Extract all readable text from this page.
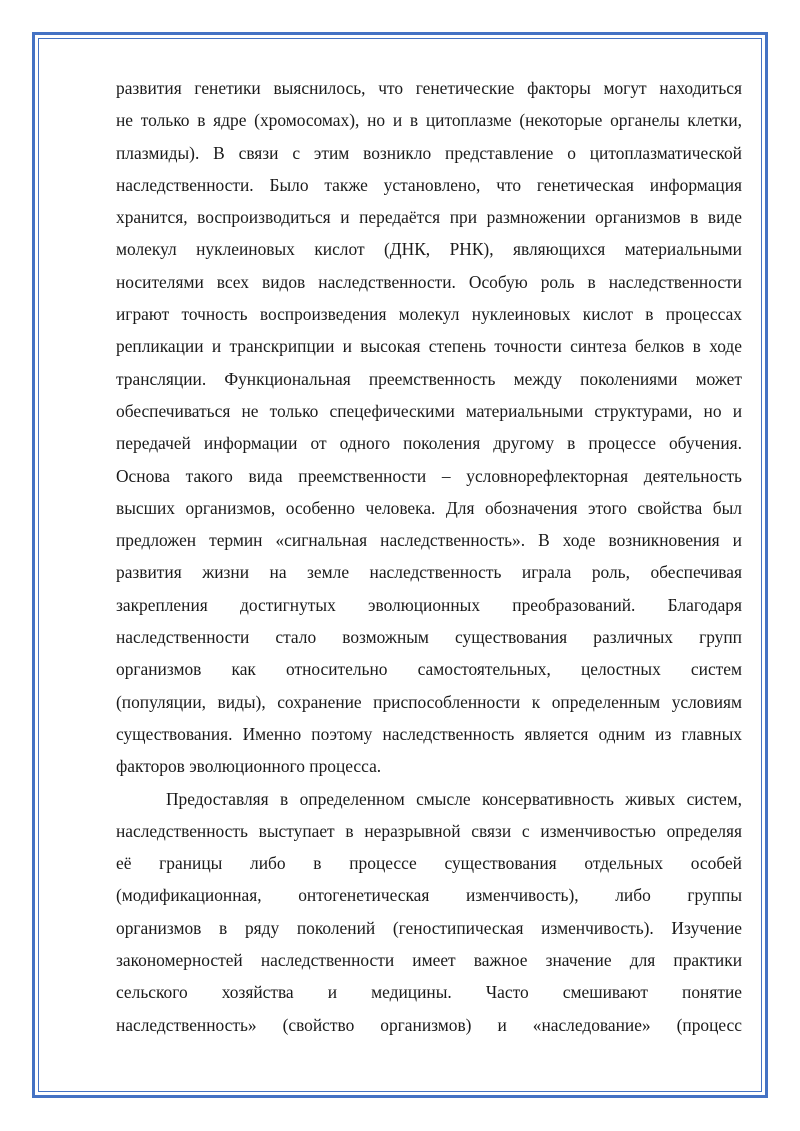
развития генетики выяснилось, что генетические факторы могут находиться
не только в ядре (хромосомах), но и в цитоплазме (некоторые органелы клетки,
плазмиды). В связи с этим возникло представление о цитоплазматической
наследственности. Было также установлено, что генетическая информация
хранится, воспроизводиться и передаётся при размножении организмов в виде
молекул нуклеиновых кислот (ДНК, РНК), являющихся материальными
носителями всех видов наследственности. Особую роль в наследственности
играют точность воспроизведения молекул нуклеиновых кислот в процессах
репликации и транскрипции и высокая степень точности синтеза белков в ходе
трансляции. Функциональная преемственность между поколениями может
обеспечиваться не только спецефическими материальными структурами, но и
передачей информации от одного поколения другому в процессе обучения.
Основа такого вида преемственности – условнорефлекторная деятельность
высших организмов, особенно человека. Для обозначения этого свойства был
предложен термин «сигнальная наследственность». В ходе возникновения и
развития жизни на земле наследственность играла роль, обеспечивая
закрепления достигнутых эволюционных преобразований. Благодаря
наследственности стало возможным существования различных групп
организмов как относительно самостоятельных, целостных систем
(популяции, виды), сохранение приспособленности к определенным условиям
существования. Именно поэтому наследственность является одним из главных
факторов эволюционного процесса.
Предоставляя в определенном смысле консервативность живых систем,
наследственность выступает в неразрывной связи с изменчивостью определяя
её границы либо в процессе существования отдельных особей
(модификационная, онтогенетическая изменчивость), либо группы
организмов в ряду поколений (геностипическая изменчивость). Изучение
закономерностей наследственности имеет важное значение для практики
сельского хозяйства и медицины. Часто смешивают понятие
наследственность» (свойство организмов) и «наследование» (процесс
